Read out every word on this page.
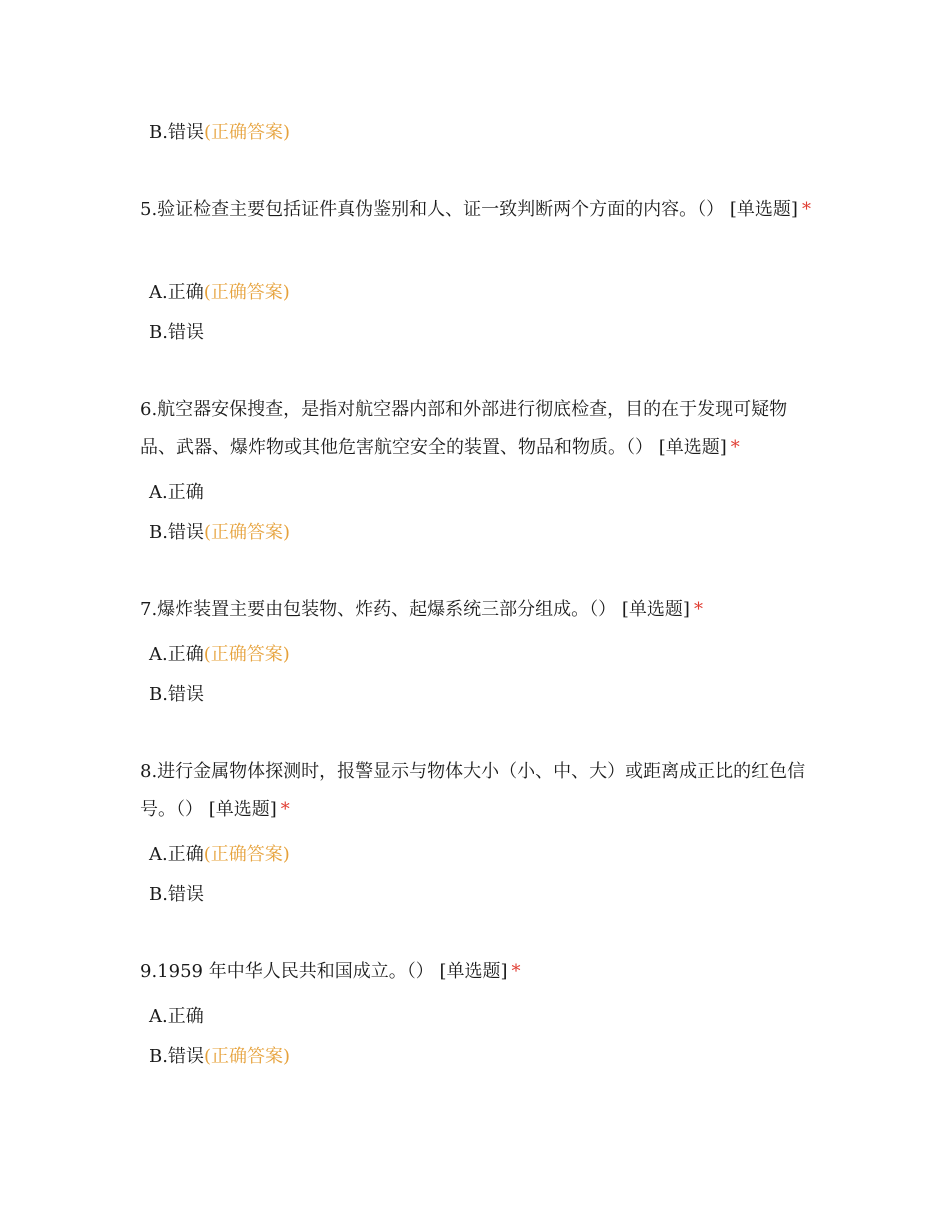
B.错误(正确答案)
5.验证检查主要包括证件真伪鉴别和人、证一致判断两个方面的内容。（） [单选题] *
A.正确(正确答案)
B.错误
6.航空器安保搜查，是指对航空器内部和外部进行彻底检查，目的在于发现可疑物品、武器、爆炸物或其他危害航空安全的装置、物品和物质。（） [单选题] *
A.正确
B.错误(正确答案)
7.爆炸装置主要由包装物、炸药、起爆系统三部分组成。（） [单选题] *
A.正确(正确答案)
B.错误
8.进行金属物体探测时，报警显示与物体大小（小、中、大）或距离成正比的红色信号。（） [单选题] *
A.正确(正确答案)
B.错误
9.1959 年中华人民共和国成立。（） [单选题] *
A.正确
B.错误(正确答案)
